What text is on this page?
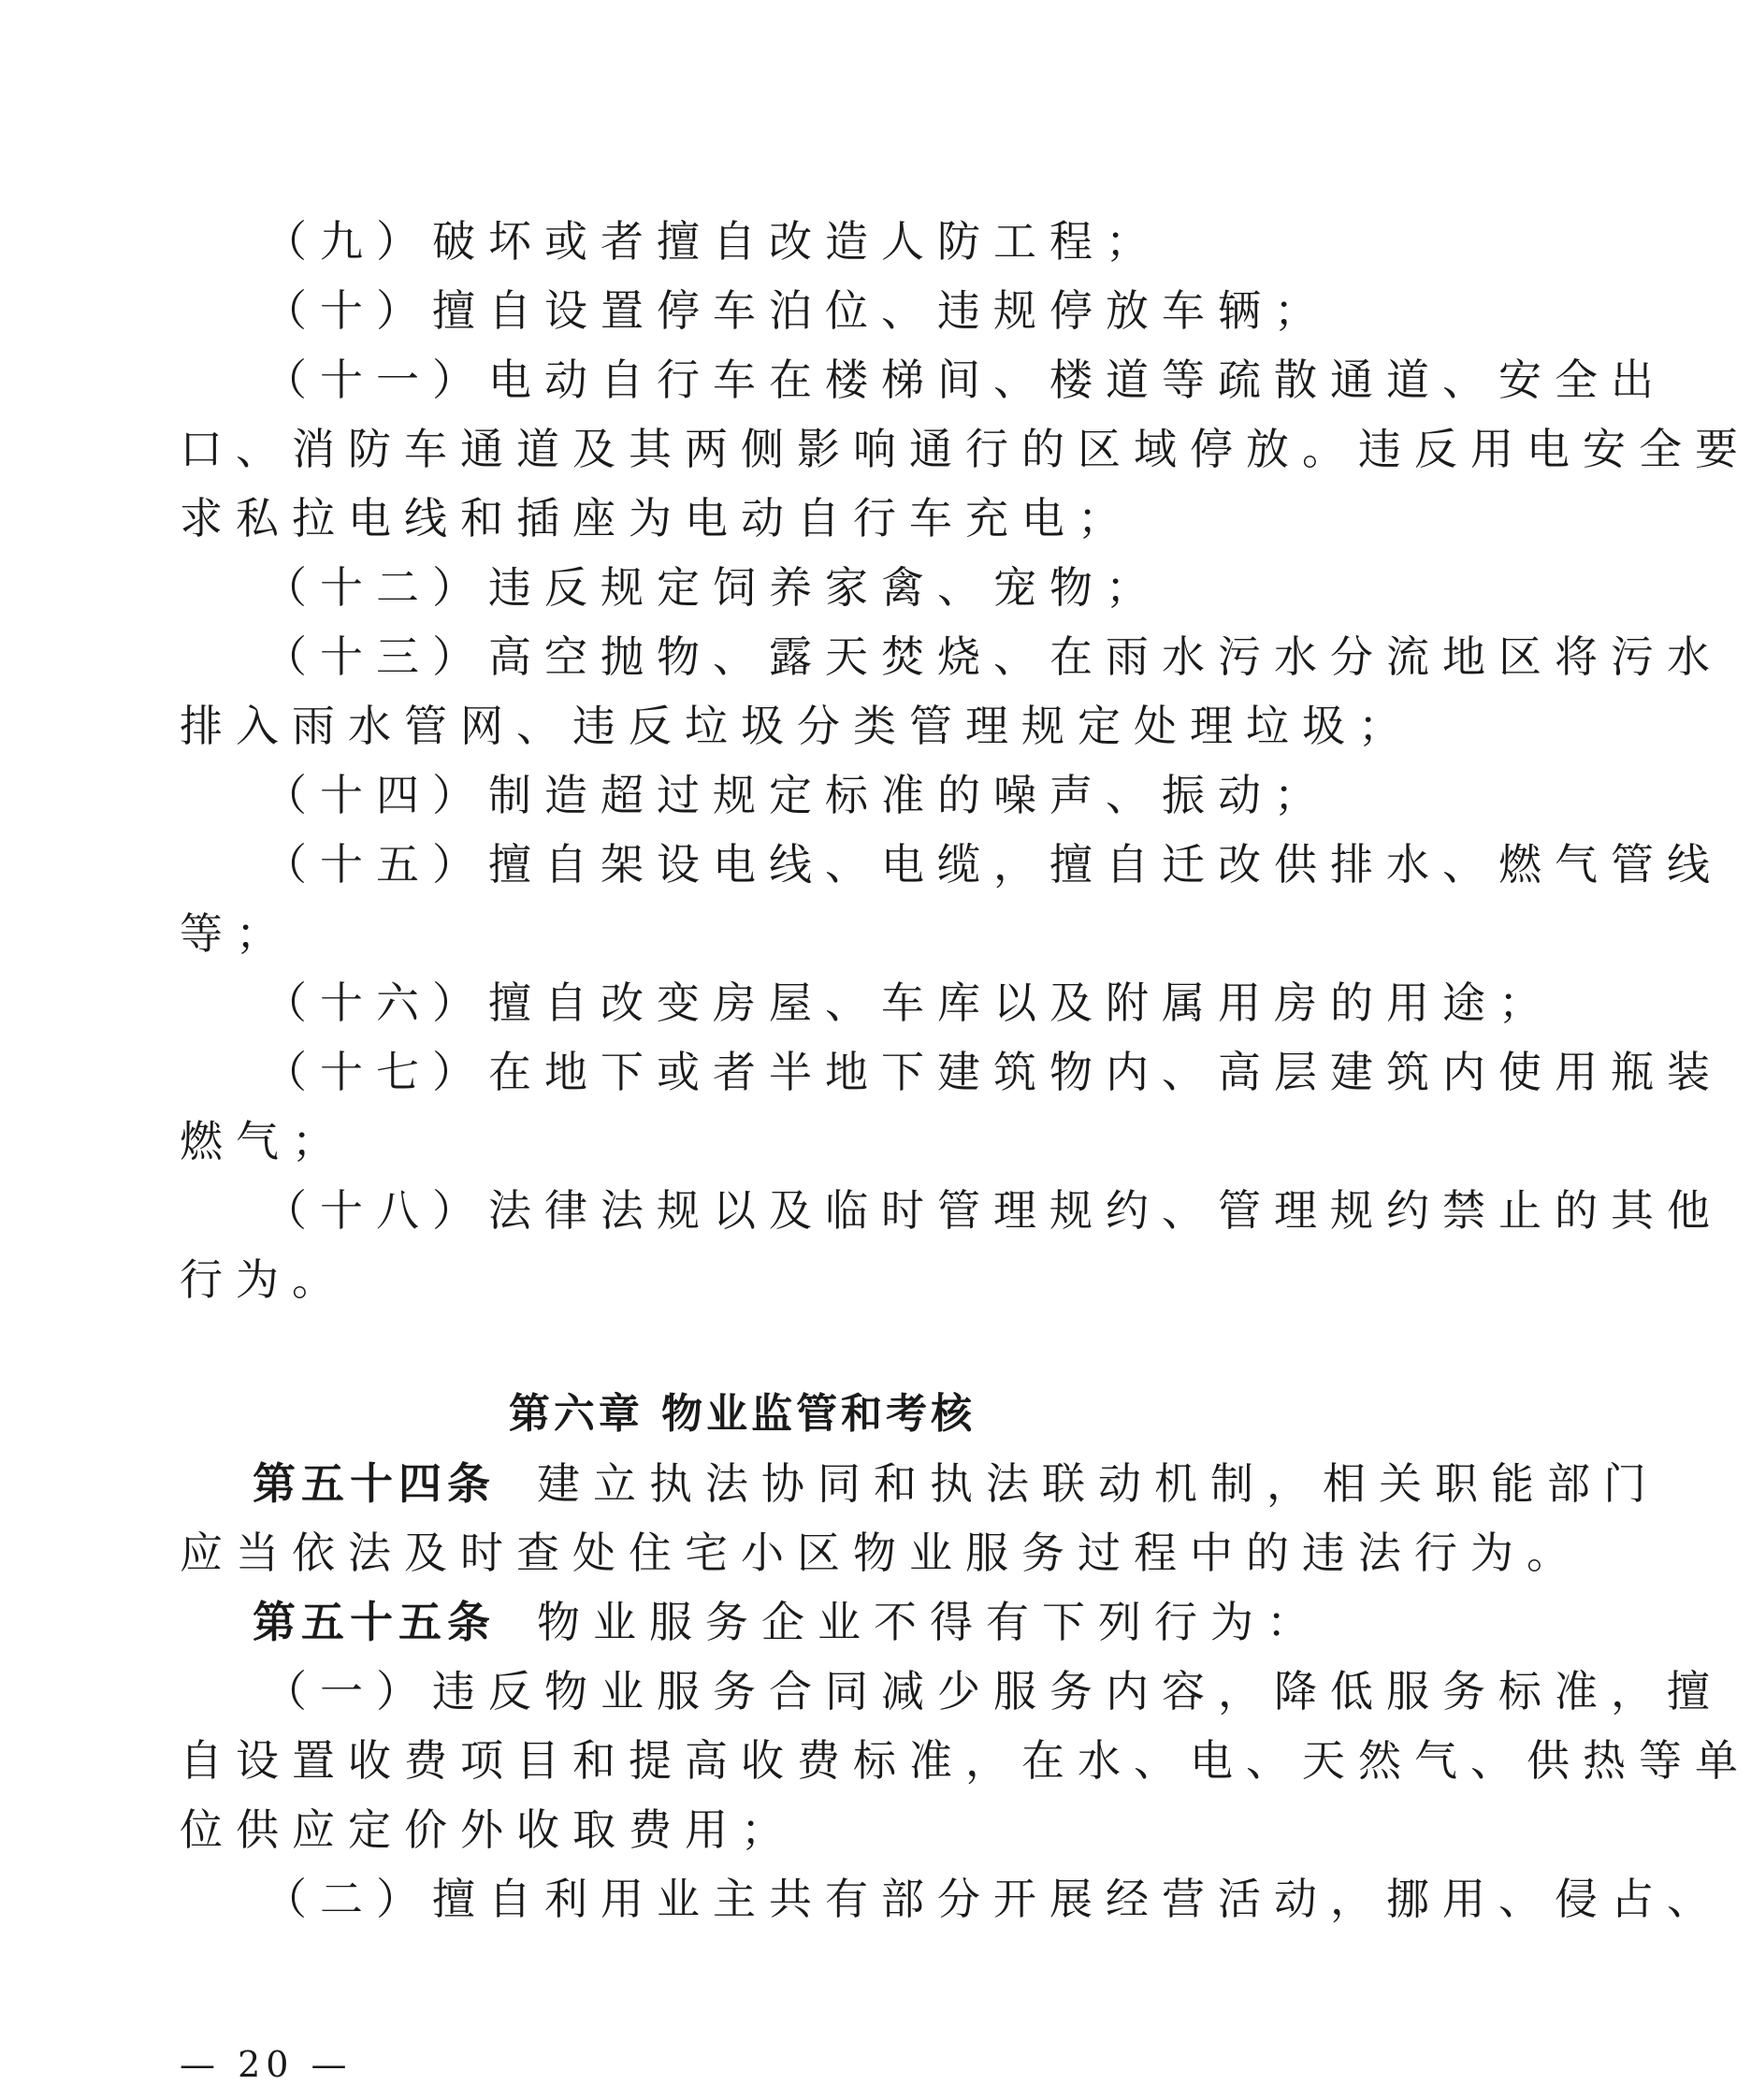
（九）破坏或者擅自改造人防工程；
（十）擅自设置停车泊位、违规停放车辆；
（十一）电动自行车在楼梯间、楼道等疏散通道、安全出
口、消防车通道及其两侧影响通行的区域停放。违反用电安全要
求私拉电线和插座为电动自行车充电；
（十二）违反规定饲养家禽、宠物；
（十三）高空抛物、露天焚烧、在雨水污水分流地区将污水
排入雨水管网、违反垃圾分类管理规定处理垃圾；
（十四）制造超过规定标准的噪声、振动；
（十五）擅自架设电线、电缆，擅自迁改供排水、燃气管线
等；
（十六）擅自改变房屋、车库以及附属用房的用途；
（十七）在地下或者半地下建筑物内、高层建筑内使用瓶装
燃气；
（十八）法律法规以及临时管理规约、管理规约禁止的其他
行为。
第六章 物业监管和考核
第五十四条 建立执法协同和执法联动机制，相关职能部门
应当依法及时查处住宅小区物业服务过程中的违法行为。
第五十五条 物业服务企业不得有下列行为：
（一）违反物业服务合同减少服务内容，降低服务标准，擅
自设置收费项目和提高收费标准，在水、电、天然气、供热等单
位供应定价外收取费用；
（二）擅自利用业主共有部分开展经营活动，挪用、侵占、
— 20 —
